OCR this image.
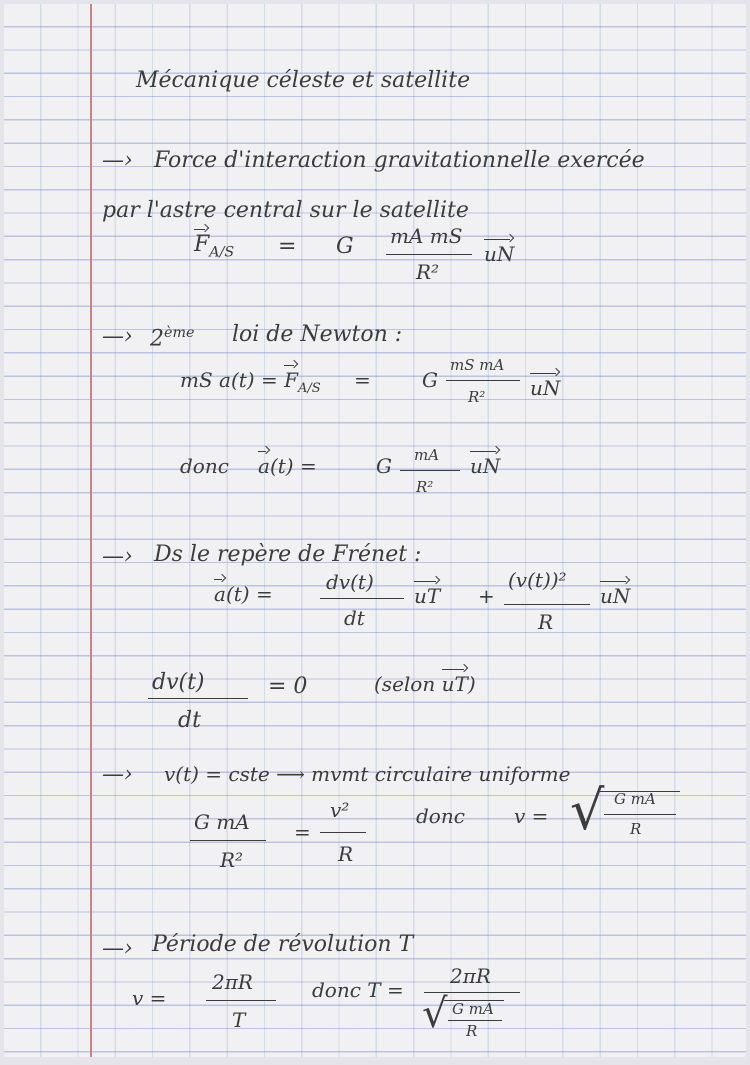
Mécanique céleste et satellite
—› Force d'interaction gravitationnelle exercée
par l'astre central sur le satellite
$F_{A/S} = G$ mA mS
R²
uN
—› 2ème loi de Newton :
mS $a(t) = F_{A/S}$ =	G
mS mA
R² uN
donc a(t) =	G mA
R²
uN
—› Ds le repère de Frénet :
a(t) =	dv(t)
dt
uT +
(v(t))²
R
uN
dv(t)
dt
= 0	(selon uT)
—› v(t) = cste ⟶ mvmt circulaire uniforme
G mA
R²
=
v²
R
donc v = √ G mA
R
—› Période de révolution T
v =
2πR
T
donc T =
2πR
√ G mA
R
